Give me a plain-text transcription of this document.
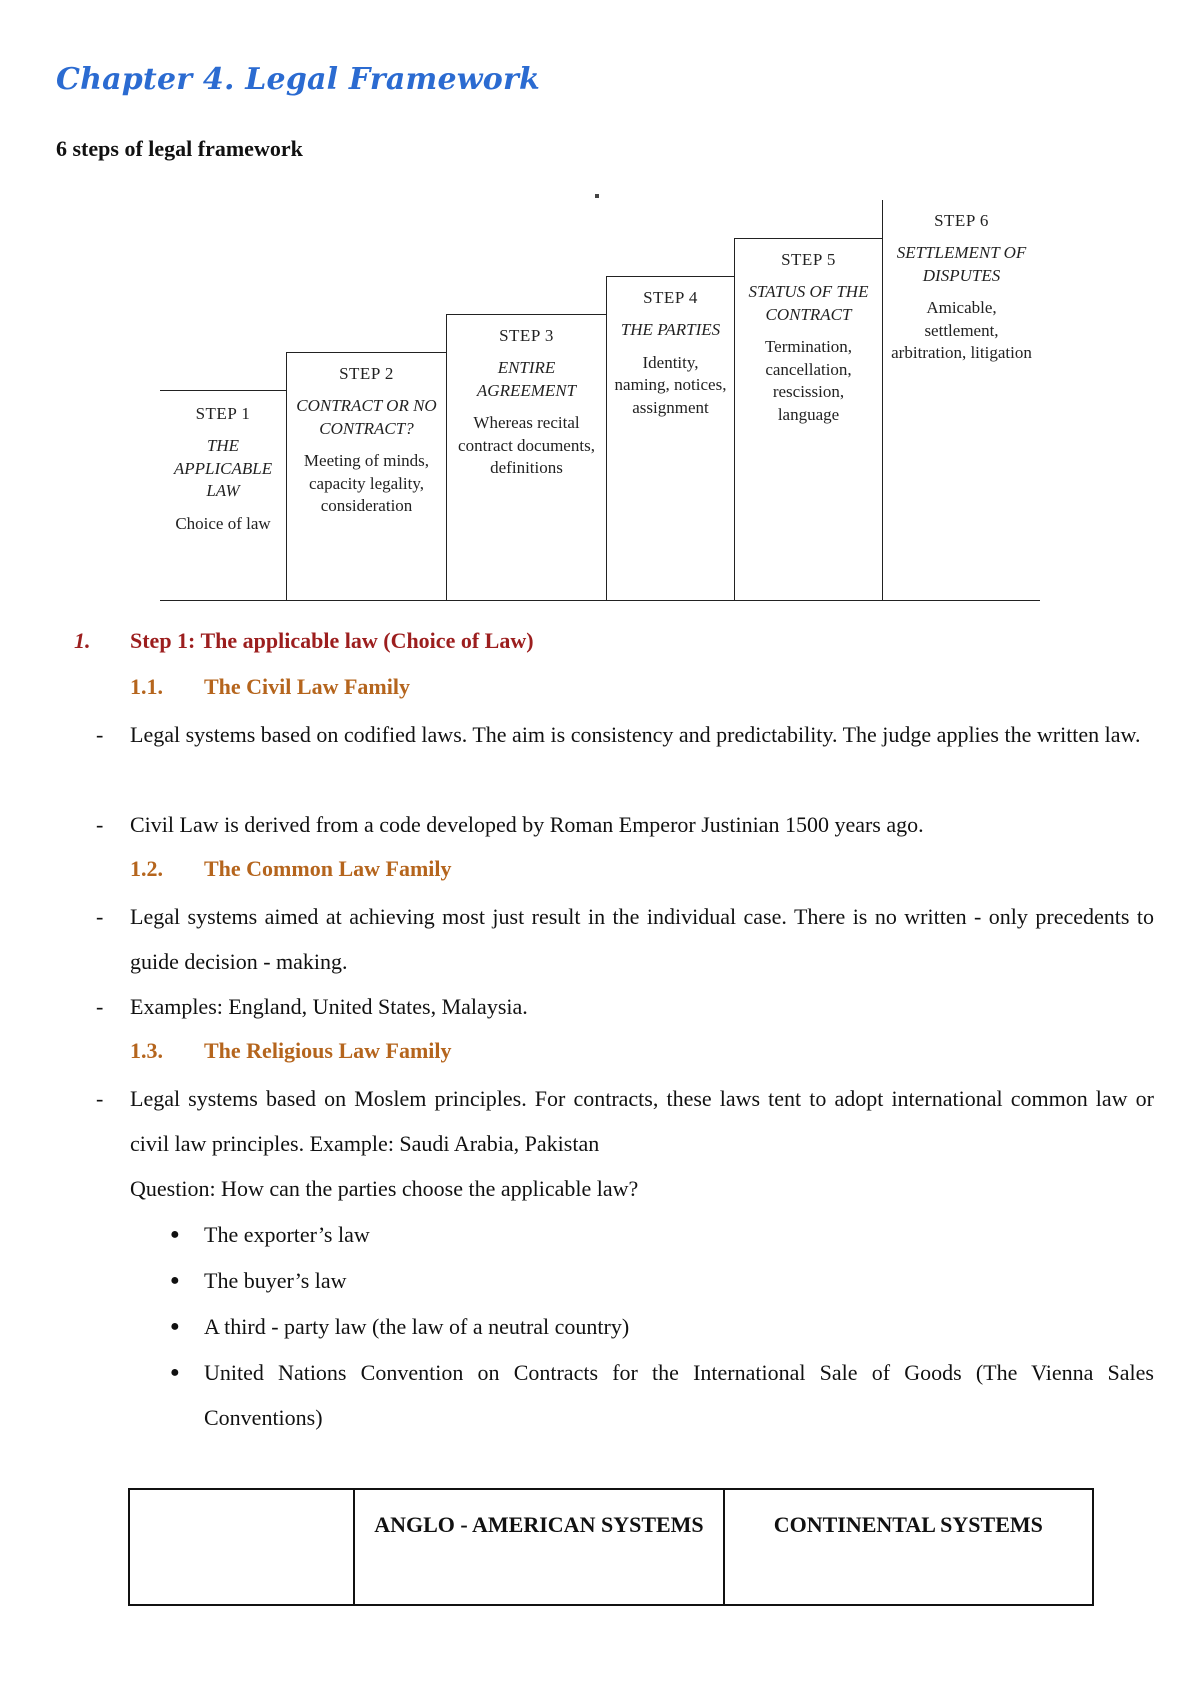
Chapter 4. Legal Framework

6 steps of legal framework

STEP 1
THE APPLICABLE LAW
Choice of law
STEP 2
CONTRACT OR NO CONTRACT?
Meeting of minds, capacity legality, consideration
STEP 3
ENTIRE AGREEMENT
Whereas recital contract documents, definitions
STEP 4
THE PARTIES
Identity, naming, notices, assignment
STEP 5
STATUS OF THE CONTRACT
Termination, cancellation, rescission, language
STEP 6
SETTLEMENT OF DISPUTES
Amicable, settlement, arbitration, litigation
1. Step 1: The applicable law (Choice of Law)
1.1. The Civil Law Family
- Legal systems based on codified laws. The aim is consistency and predictability. The judge applies the written law.
- Civil Law is derived from a code developed by Roman Emperor Justinian 1500 years ago.
1.2. The Common Law Family
- Legal systems aimed at achieving most just result in the individual case. There is no written - only precedents to guide decision - making.
- Examples: England, United States, Malaysia.
1.3. The Religious Law Family
- Legal systems based on Moslem principles. For contracts, these laws tent to adopt international common law or civil law principles. Example: Saudi Arabia, Pakistan
Question: How can the parties choose the applicable law?
● The exporter’s law
● The buyer’s law
● A third - party law (the law of a neutral country)
● United Nations Convention on Contracts for the International Sale of Goods (The Vienna Sales Conventions)
	ANGLO - AMERICAN SYSTEMS	CONTINENTAL SYSTEMS
